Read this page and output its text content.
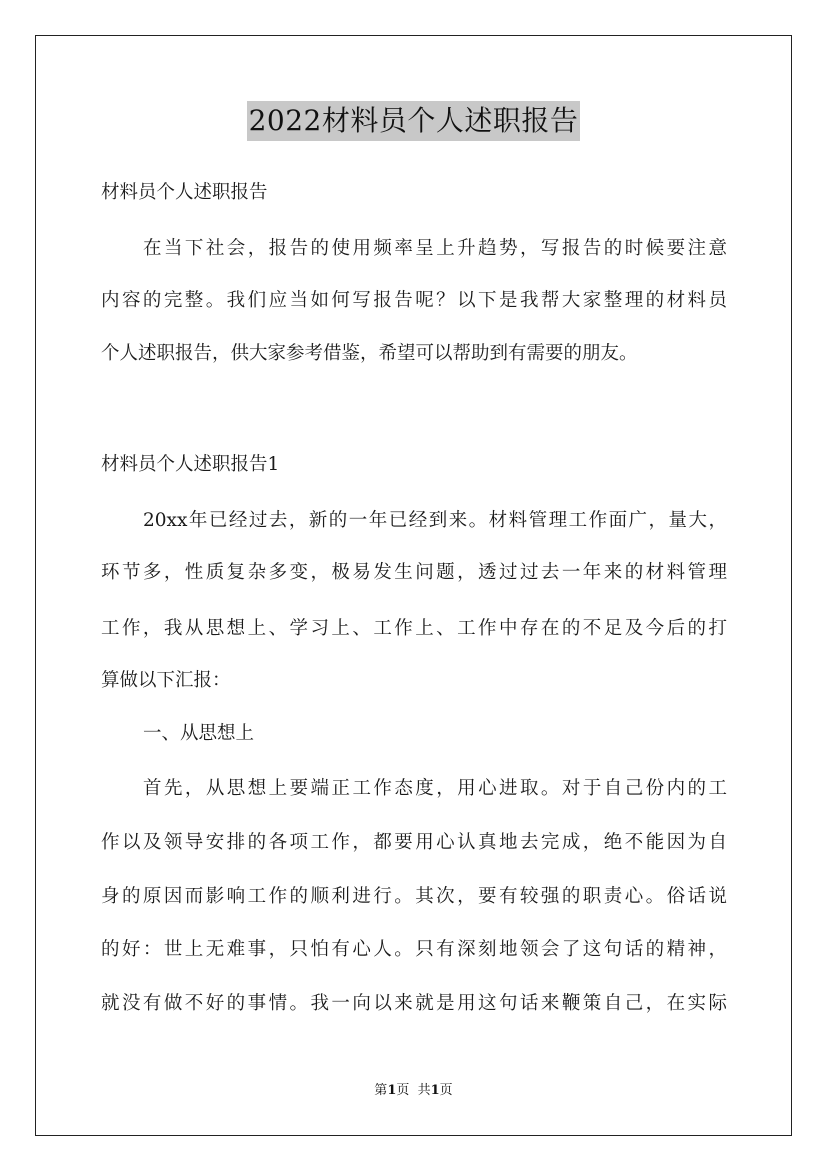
2022材料员个人述职报告
材料员个人述职报告
在当下社会，报告的使用频率呈上升趋势，写报告的时候要注意
内容的完整。我们应当如何写报告呢？以下是我帮大家整理的材料员
个人述职报告，供大家参考借鉴，希望可以帮助到有需要的朋友。
材料员个人述职报告1
20xx年已经过去，新的一年已经到来。材料管理工作面广，量大，
环节多，性质复杂多变，极易发生问题，透过过去一年来的材料管理
工作，我从思想上、学习上、工作上、工作中存在的不足及今后的打
算做以下汇报：
一、从思想上
首先，从思想上要端正工作态度，用心进取。对于自己份内的工
作以及领导安排的各项工作，都要用心认真地去完成，绝不能因为自
身的原因而影响工作的顺利进行。其次，要有较强的职责心。俗话说
的好：世上无难事，只怕有心人。只有深刻地领会了这句话的精神，
就没有做不好的事情。我一向以来就是用这句话来鞭策自己，在实际
第1页  共1页
